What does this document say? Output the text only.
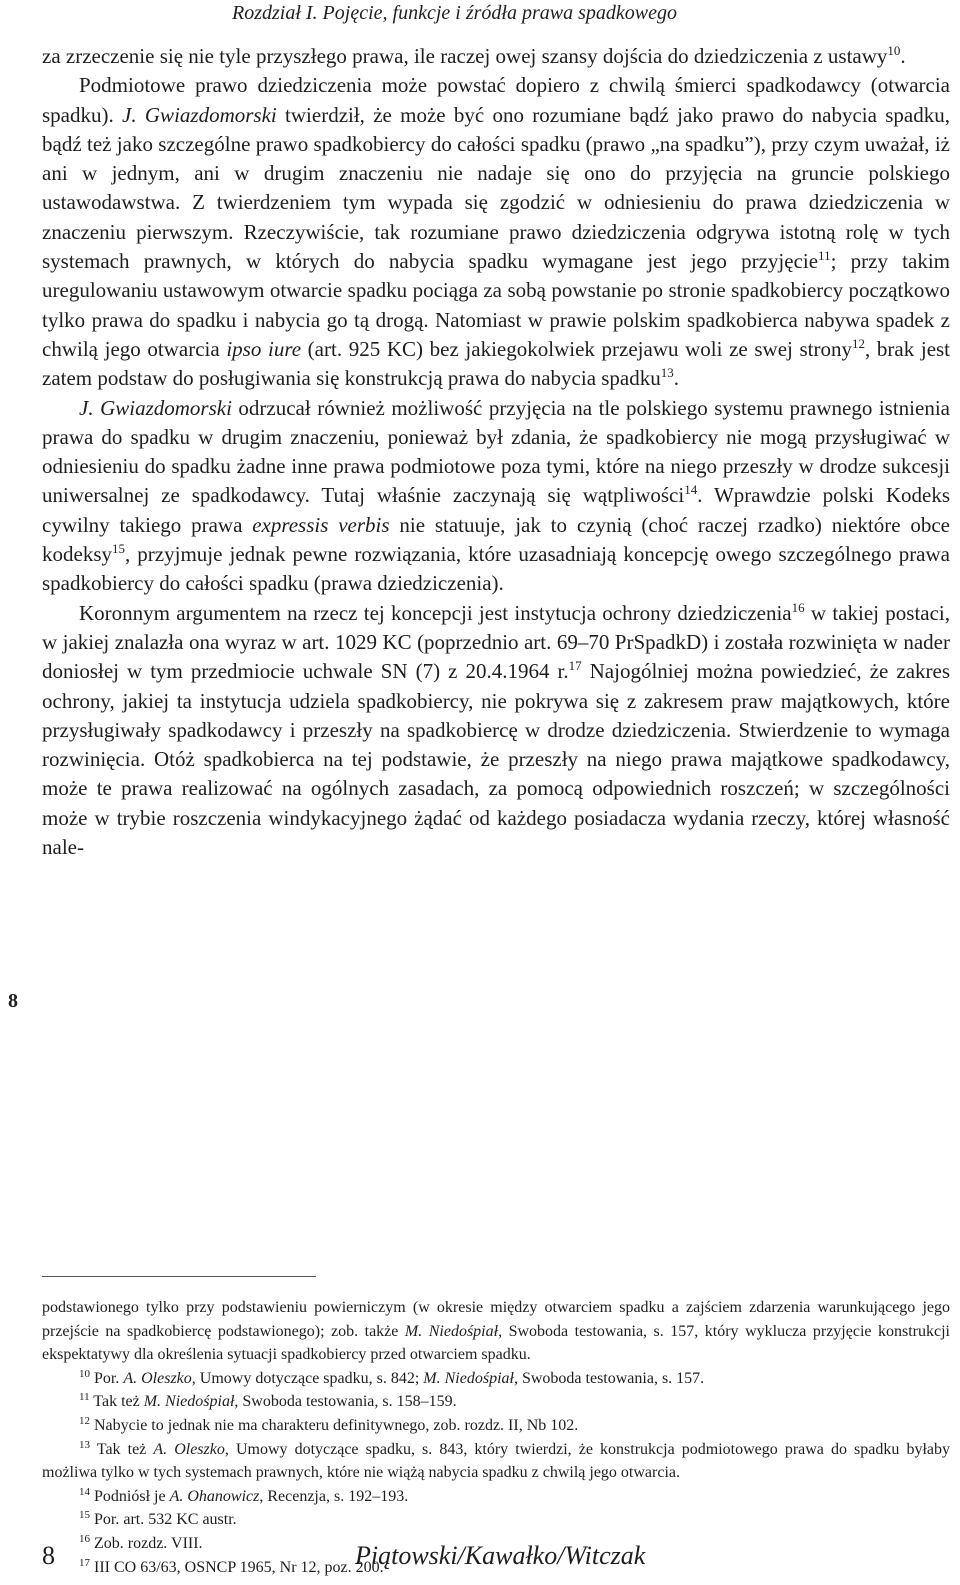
Rozdział I. Pojęcie, funkcje i źródła prawa spadkowego

za zrzeczenie się nie tyle przyszłego prawa, ile raczej owej szansy dojścia do dziedziczenia z ustawy$^{10}$.

Podmiotowe prawo dziedziczenia może powstać dopiero z chwilą śmierci spadkodawcy (otwarcia spadku). J. Gwiazdomorski twierdził, że może być ono rozumiane bądź jako prawo do nabycia spadku, bądź też jako szczególne prawo spadkobiercy do całości spadku (prawo „na spadku”), przy czym uważał, iż ani w jednym, ani w drugim znaczeniu nie nadaje się ono do przyjęcia na gruncie polskiego ustawodawstwa. Z twierdzeniem tym wypada się zgodzić w odniesieniu do prawa dziedziczenia w znaczeniu pierwszym. Rzeczywiście, tak rozumiane prawo dziedziczenia odgrywa istotną rolę w tych systemach prawnych, w których do nabycia spadku wymagane jest jego przyjęcie$^{11}$; przy takim uregulowaniu ustawowym otwarcie spadku pociąga za sobą powstanie po stronie spadkobiercy początkowo tylko prawa do spadku i nabycia go tą drogą. Natomiast w prawie polskim spadkobierca nabywa spadek z chwilą jego otwarcia ipso iure (art. 925 KC) bez jakiegokolwiek przejawu woli ze swej strony$^{12}$, brak jest zatem podstaw do posługiwania się konstrukcją prawa do nabycia spadku$^{13}$.

J. Gwiazdomorski odrzucał również możliwość przyjęcia na tle polskiego systemu prawnego istnienia prawa do spadku w drugim znaczeniu, ponieważ był zdania, że spadkobiercy nie mogą przysługiwać w odniesieniu do spadku żadne inne prawa podmiotowe poza tymi, które na niego przeszły w drodze sukcesji uniwersalnej ze spadkodawcy. Tutaj właśnie zaczynają się wątpliwości$^{14}$. Wprawdzie polski Kodeks cywilny takiego prawa expressis verbis nie statuuje, jak to czynią (choć raczej rzadko) niektóre obce kodeksy$^{15}$, przyjmuje jednak pewne rozwiązania, które uzasadniają koncepcję owego szczególnego prawa spadkobiercy do całości spadku (prawa dziedziczenia).

Koronnym argumentem na rzecz tej koncepcji jest instytucja ochrony dziedziczenia$^{16}$ w takiej postaci, w jakiej znalazła ona wyraz w art. 1029 KC (poprzednio art. 69–70 PrSpadkD) i została rozwinięta w nader doniosłej w tym przedmiocie uchwale SN (7) z 20.4.1964 r.$^{17}$ Najogólniej można powiedzieć, że zakres ochrony, jakiej ta instytucja udziela spadkobiercy, nie pokrywa się z zakresem praw majątkowych, które przysługiwały spadkodawcy i przeszły na spadkobiercę w drodze dziedziczenia. Stwierdzenie to wymaga rozwinięcia. Otóż spadkobierca na tej podstawie, że przeszły na niego prawa majątkowe spadkodawcy, może te prawa realizować na ogólnych zasadach, za pomocą odpowiednich roszczeń; w szczególności może w trybie roszczenia windykacyjnego żądać od każdego posiadacza wydania rzeczy, której własność nale-

8

podstawionego tylko przy podstawieniu powierniczym (w okresie między otwarciem spadku a zajściem zdarzenia warunkującego jego przejście na spadkobiercę podstawionego); zob. także M. Niedośpiał, Swoboda testowania, s. 157, który wyklucza przyjęcie konstrukcji ekspektatywy dla określenia sytuacji spadkobiercy przed otwarciem spadku.

$^{10}$ Por. A. Oleszko, Umowy dotyczące spadku, s. 842; M. Niedośpiał, Swoboda testowania, s. 157.

$^{11}$ Tak też M. Niedośpiał, Swoboda testowania, s. 158–159.

$^{12}$ Nabycie to jednak nie ma charakteru definitywnego, zob. rozdz. II, Nb 102.

$^{13}$ Tak też A. Oleszko, Umowy dotyczące spadku, s. 843, który twierdzi, że konstrukcja podmiotowego prawa do spadku byłaby możliwa tylko w tych systemach prawnych, które nie wiążą nabycia spadku z chwilą jego otwarcia.

$^{14}$ Podniósł je A. Ohanowicz, Recenzja, s. 192–193.

$^{15}$ Por. art. 532 KC austr.

$^{16}$ Zob. rozdz. VIII.

$^{17}$ III CO 63/63, OSNCP 1965, Nr 12, poz. 200.

8	Piątowski/Kawałko/Witczak
